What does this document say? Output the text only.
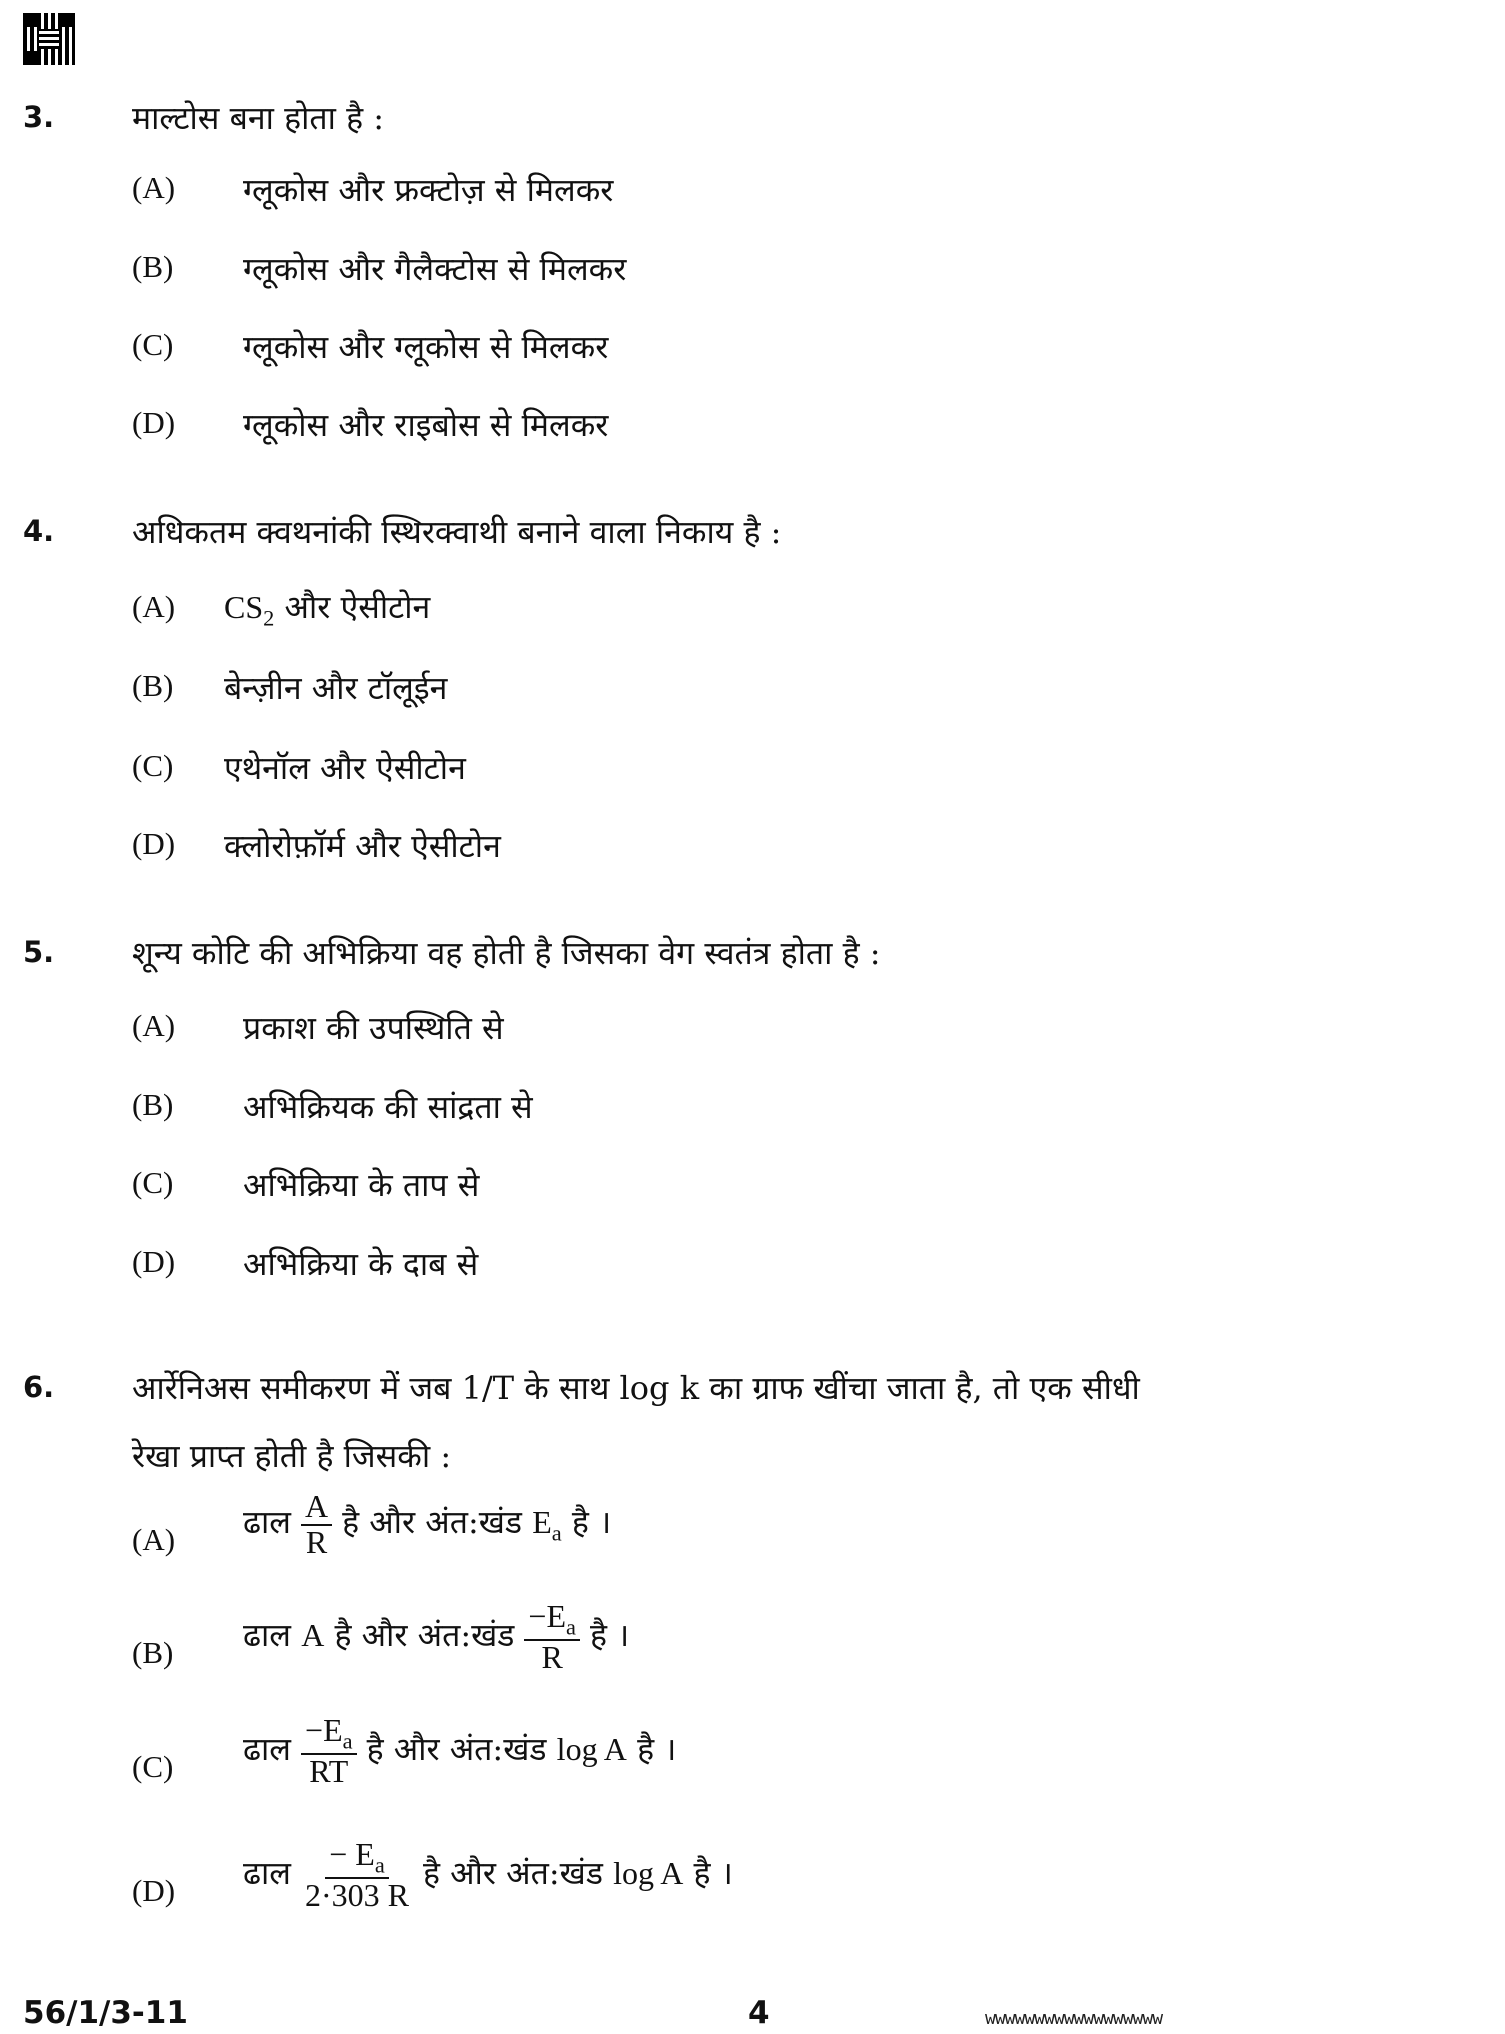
3. माल्टोस बना होता है :
(A) ग्लूकोस और फ्रक्टोज़ से मिलकर
(B) ग्लूकोस और गैलैक्टोस से मिलकर
(C) ग्लूकोस और ग्लूकोस से मिलकर
(D) ग्लूकोस और राइबोस से मिलकर
4. अधिकतम क्वथनांकी स्थिरक्वाथी बनाने वाला निकाय है :
(A) $CS_2$ और ऐसीटोन
(B) बेन्ज़ीन और टॉलूईन
(C) एथेनॉल और ऐसीटोन
(D) क्लोरोफ़ॉर्म और ऐसीटोन
5. शून्य कोटि की अभिक्रिया वह होती है जिसका वेग स्वतंत्र होता है :
(A) प्रकाश की उपस्थिति से
(B) अभिक्रियक की सांद्रता से
(C) अभिक्रिया के ताप से
(D) अभिक्रिया के दाब से
6. आर्रेनिअस समीकरण में जब 1/T के साथ log k का ग्राफ खींचा जाता है, तो एक सीधी
रेखा प्राप्त होती है जिसकी :
(A) ढाल $\frac{A}{R}$ है और अंत:खंड $E_a$ है ।
(B) ढाल A है और अंत:खंड $\frac{-E_a}{R}$ है ।
(C) ढाल $\frac{-E_a}{RT}$ है और अंत:खंड log A है ।
(D) ढाल $\frac{- E_a}{2\cdot 303 R}$ है और अंत:खंड log A है ।
56/1/3-11	4	wwwwwwwwwwwwwwwwww
